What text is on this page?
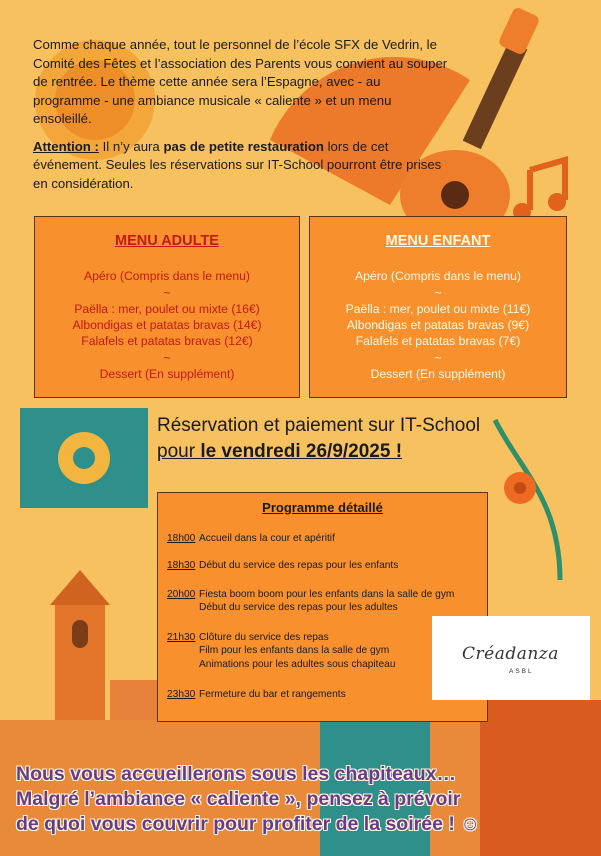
Comme chaque année, tout le personnel de l’école SFX de Vedrin, le Comité des Fêtes et l’association des Parents vous convient au souper de rentrée. Le thème cette année sera l’Espagne, avec - au programme - une ambiance musicale « caliente » et un menu ensoleillé.

Attention : Il n’y aura pas de petite restauration lors de cet événement. Seules les réservations sur IT-School pourront être prises en considération.

MENU ADULTE
Apéro (Compris dans le menu)
~
Paëlla : mer, poulet ou mixte (16€)
Albondigas et patatas bravas (14€)
Falafels et patatas bravas (12€)
~
Dessert (En supplément)
MENU ENFANT
Apéro (Compris dans le menu)
~
Paëlla : mer, poulet ou mixte (11€)
Albondigas et patatas bravas (9€)
Falafels et patatas bravas (7€)
~
Dessert (En supplément)
Réservation et paiement sur IT-School
pour le vendredi 26/9/2025 !
Programme détaillé
18h00 Accueil dans la cour et apéritif
18h30 Début du service des repas pour les enfants
20h00 Fiesta boom boom pour les enfants dans la salle de gym
Début du service des repas pour les adultes
21h30 Clôture du service des repas
Film pour les enfants dans la salle de gym
Animations pour les adultes sous chapiteau
23h30 Fermeture du bar et rangements
Créadanza
ASBL
Nous vous accueillerons sous les chapiteaux…
Malgré l’ambiance « caliente », pensez à prévoir
de quoi vous couvrir pour profiter de la soirée ! ☺
